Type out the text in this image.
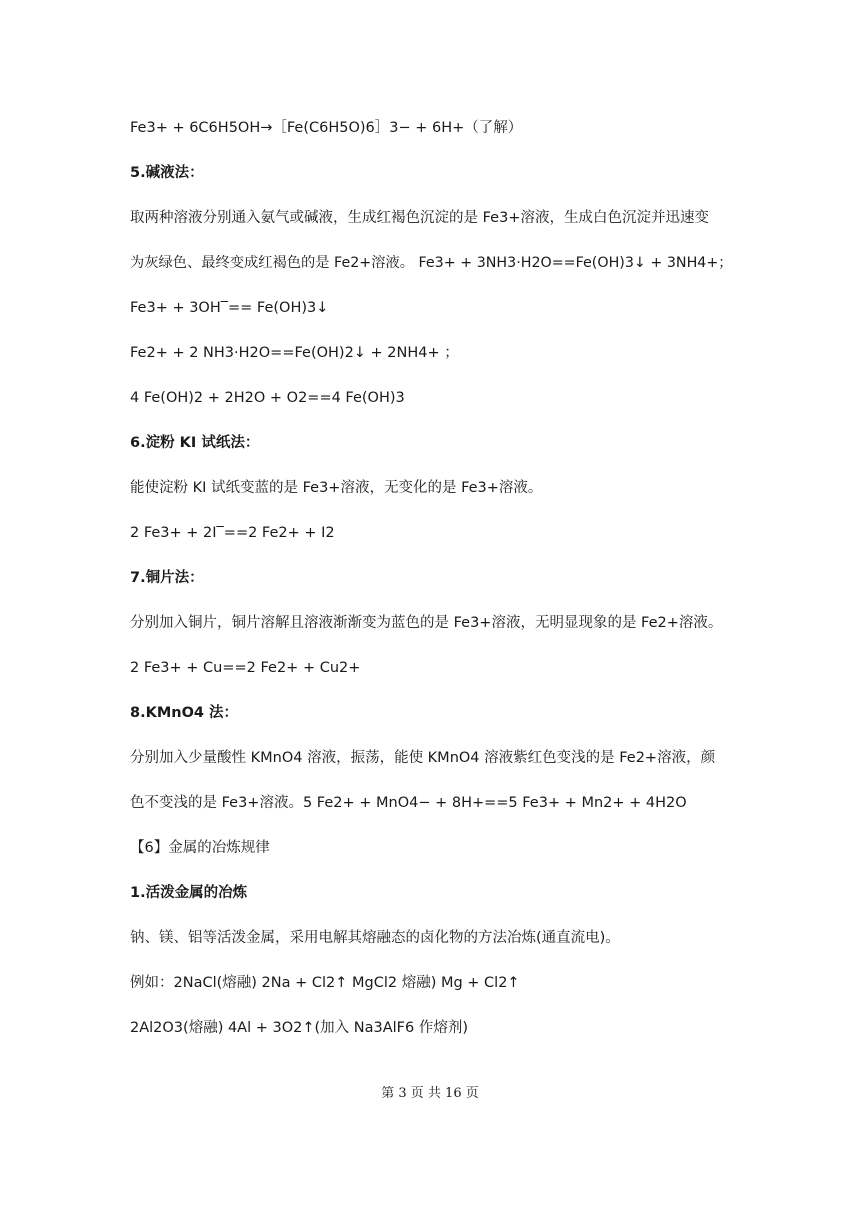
Fe3+ + 6C6H5OH→［Fe(C6H5O)6］3− + 6H+（了解）
5.碱液法：
取两种溶液分别通入氨气或碱液，生成红褐色沉淀的是 Fe3+溶液，生成白色沉淀并迅速变
为灰绿色、最终变成红褐色的是 Fe2+溶液。 Fe3+ + 3NH3·H2O==Fe(OH)3↓ + 3NH4+；
Fe3+ + 3OH‾== Fe(OH)3↓
Fe2+ + 2 NH3·H2O==Fe(OH)2↓ + 2NH4+ ；
4 Fe(OH)2 + 2H2O + O2==4 Fe(OH)3
6.淀粉 KI 试纸法：
能使淀粉 KI 试纸变蓝的是 Fe3+溶液，无变化的是 Fe3+溶液。
2 Fe3+ + 2I‾==2 Fe2+ + I2
7.铜片法：
分别加入铜片，铜片溶解且溶液渐渐变为蓝色的是 Fe3+溶液，无明显现象的是 Fe2+溶液。
2 Fe3+ + Cu==2 Fe2+ + Cu2+
8.KMnO4 法：
分别加入少量酸性 KMnO4 溶液，振荡，能使 KMnO4 溶液紫红色变浅的是 Fe2+溶液，颜
色不变浅的是 Fe3+溶液。5 Fe2+ + MnO4− + 8H+==5 Fe3+ + Mn2+ + 4H2O
【6】金属的冶炼规律
1.活泼金属的冶炼
钠、镁、铝等活泼金属，采用电解其熔融态的卤化物的方法冶炼(通直流电)。
例如：2NaCl(熔融) 2Na + Cl2↑ MgCl2 熔融) Mg + Cl2↑
2Al2O3(熔融) 4Al + 3O2↑(加入 Na3AlF6 作熔剂)
第 3 页 共 16 页
